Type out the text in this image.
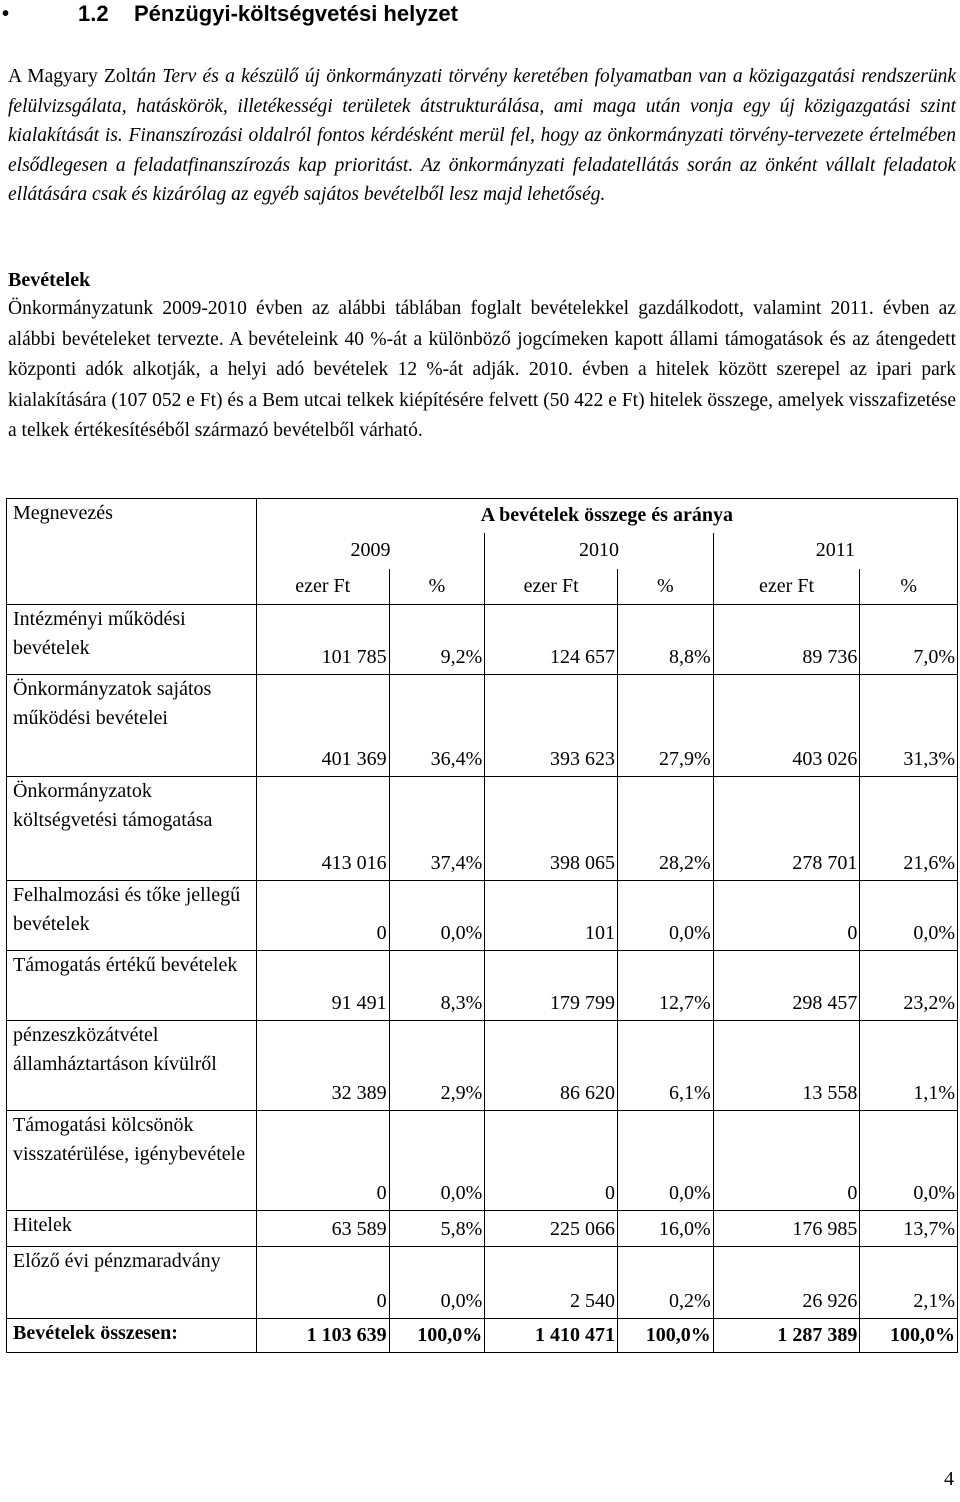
•	1.2 Pénzügyi-költségvetési helyzet
A Magyary Zoltán Terv és a készülő új önkormányzati törvény keretében folyamatban van a közigazgatási rendszerünk felülvizsgálata, hatáskörök, illetékességi területek átstrukturálása, ami maga után vonja egy új közigazgatási szint kialakítását is. Finanszírozási oldalról fontos kérdésként merül fel, hogy az önkormányzati törvény-tervezete értelmében elsődlegesen a feladatfinanszírozás kap prioritást. Az önkormányzati feladatellátás során az önként vállalt feladatok ellátására csak és kizárólag az egyéb sajátos bevételből lesz majd lehetőség.
Bevételek
Önkormányzatunk 2009-2010 évben az alábbi táblában foglalt bevételekkel gazdálkodott, valamint 2011. évben az alábbi bevételeket tervezte. A bevételeink 40 %-át a különböző jogcímeken kapott állami támogatások és az átengedett központi adók alkotják, a helyi adó bevételek 12 %-át adják. 2010. évben a hitelek között szerepel az ipari park kialakítására (107 052 e Ft) és a Bem utcai telkek kiépítésére felvett (50 422 e Ft) hitelek összege, amelyek visszafizetése a telkek értékesítéséből származó bevételből várható.
Megnevezés	A bevételek összege és aránya					
	2009		2010		2011	
	ezer Ft	%	ezer Ft	%	ezer Ft	%
Intézményi működési bevételek	101 785	9,2%	124 657	8,8%	89 736	7,0%
Önkormányzatok sajátos működési bevételei	401 369	36,4%	393 623	27,9%	403 026	31,3%
Önkormányzatok költségvetési támogatása	413 016	37,4%	398 065	28,2%	278 701	21,6%
Felhalmozási és tőke jellegű bevételek	0	0,0%	101	0,0%	0	0,0%
Támogatás értékű bevételek	91 491	8,3%	179 799	12,7%	298 457	23,2%
pénzeszközátvétel államháztartáson kívülről	32 389	2,9%	86 620	6,1%	13 558	1,1%
Támogatási kölcsönök visszatérülése, igénybevétele	0	0,0%	0	0,0%	0	0,0%
Hitelek	63 589	5,8%	225 066	16,0%	176 985	13,7%
Előző évi pénzmaradvány	0	0,0%	2 540	0,2%	26 926	2,1%
Bevételek összesen:	1 103 639	100,0%	1 410 471	100,0%	1 287 389	100,0%
4
